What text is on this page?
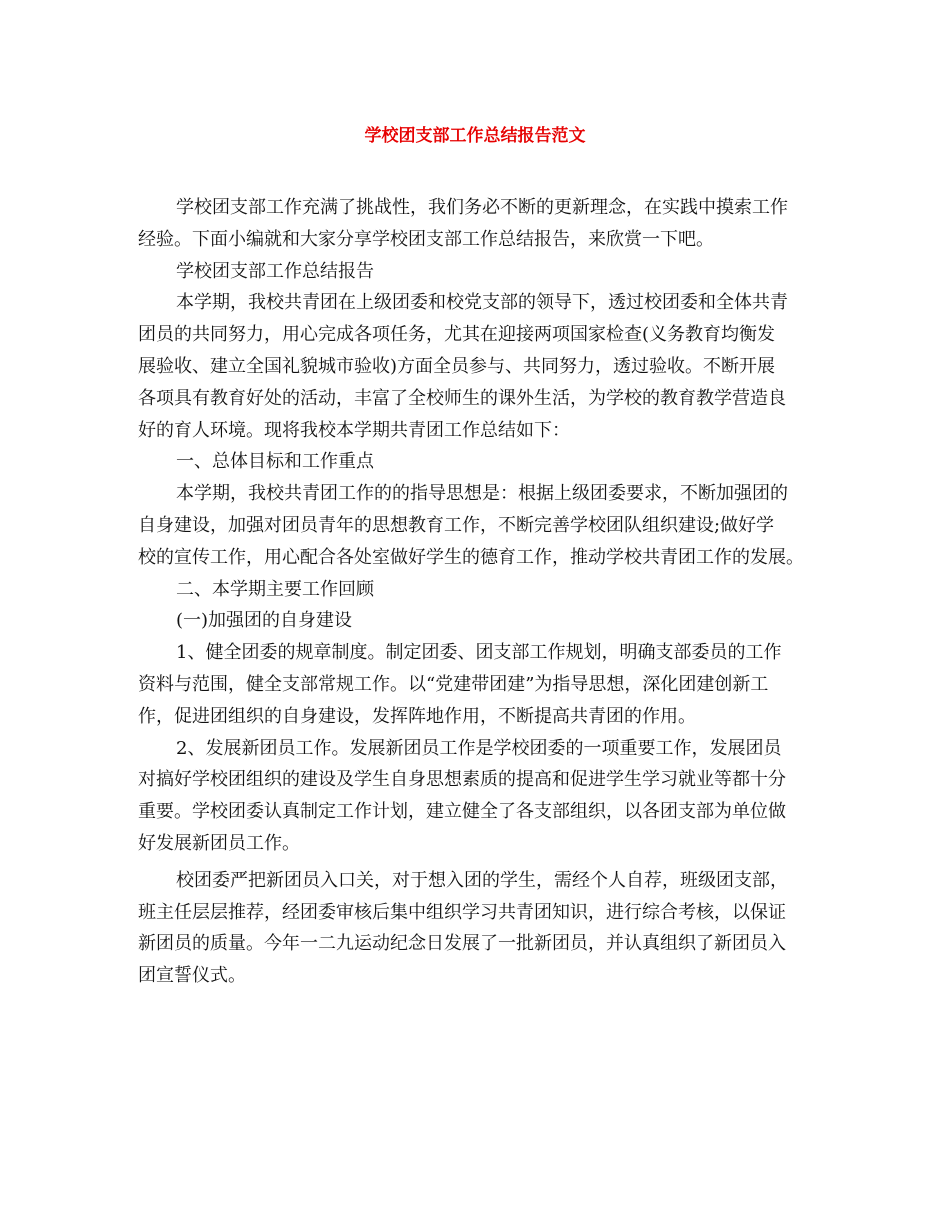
学校团支部工作总结报告范文

学校团支部工作充满了挑战性，我们务必不断的更新理念，在实践中摸索工作
经验。下面小编就和大家分享学校团支部工作总结报告，来欣赏一下吧。

学校团支部工作总结报告

本学期，我校共青团在上级团委和校党支部的领导下，透过校团委和全体共青
团员的共同努力，用心完成各项任务，尤其在迎接两项国家检查(义务教育均衡发
展验收、建立全国礼貌城市验收)方面全员参与、共同努力，透过验收。不断开展
各项具有教育好处的活动，丰富了全校师生的课外生活，为学校的教育教学营造良
好的育人环境。现将我校本学期共青团工作总结如下：

一、总体目标和工作重点

本学期，我校共青团工作的的指导思想是：根据上级团委要求，不断加强团的
自身建设，加强对团员青年的思想教育工作，不断完善学校团队组织建设;做好学
校的宣传工作，用心配合各处室做好学生的德育工作，推动学校共青团工作的发展。

二、本学期主要工作回顾

(一)加强团的自身建设

1、健全团委的规章制度。制定团委、团支部工作规划，明确支部委员的工作
资料与范围，健全支部常规工作。以“党建带团建”为指导思想，深化团建创新工
作，促进团组织的自身建设，发挥阵地作用，不断提高共青团的作用。

2、发展新团员工作。发展新团员工作是学校团委的一项重要工作，发展团员
对搞好学校团组织的建设及学生自身思想素质的提高和促进学生学习就业等都十分
重要。学校团委认真制定工作计划，建立健全了各支部组织，以各团支部为单位做
好发展新团员工作。

校团委严把新团员入口关，对于想入团的学生，需经个人自荐，班级团支部，
班主任层层推荐，经团委审核后集中组织学习共青团知识，进行综合考核，以保证
新团员的质量。今年一二九运动纪念日发展了一批新团员，并认真组织了新团员入
团宣誓仪式。
